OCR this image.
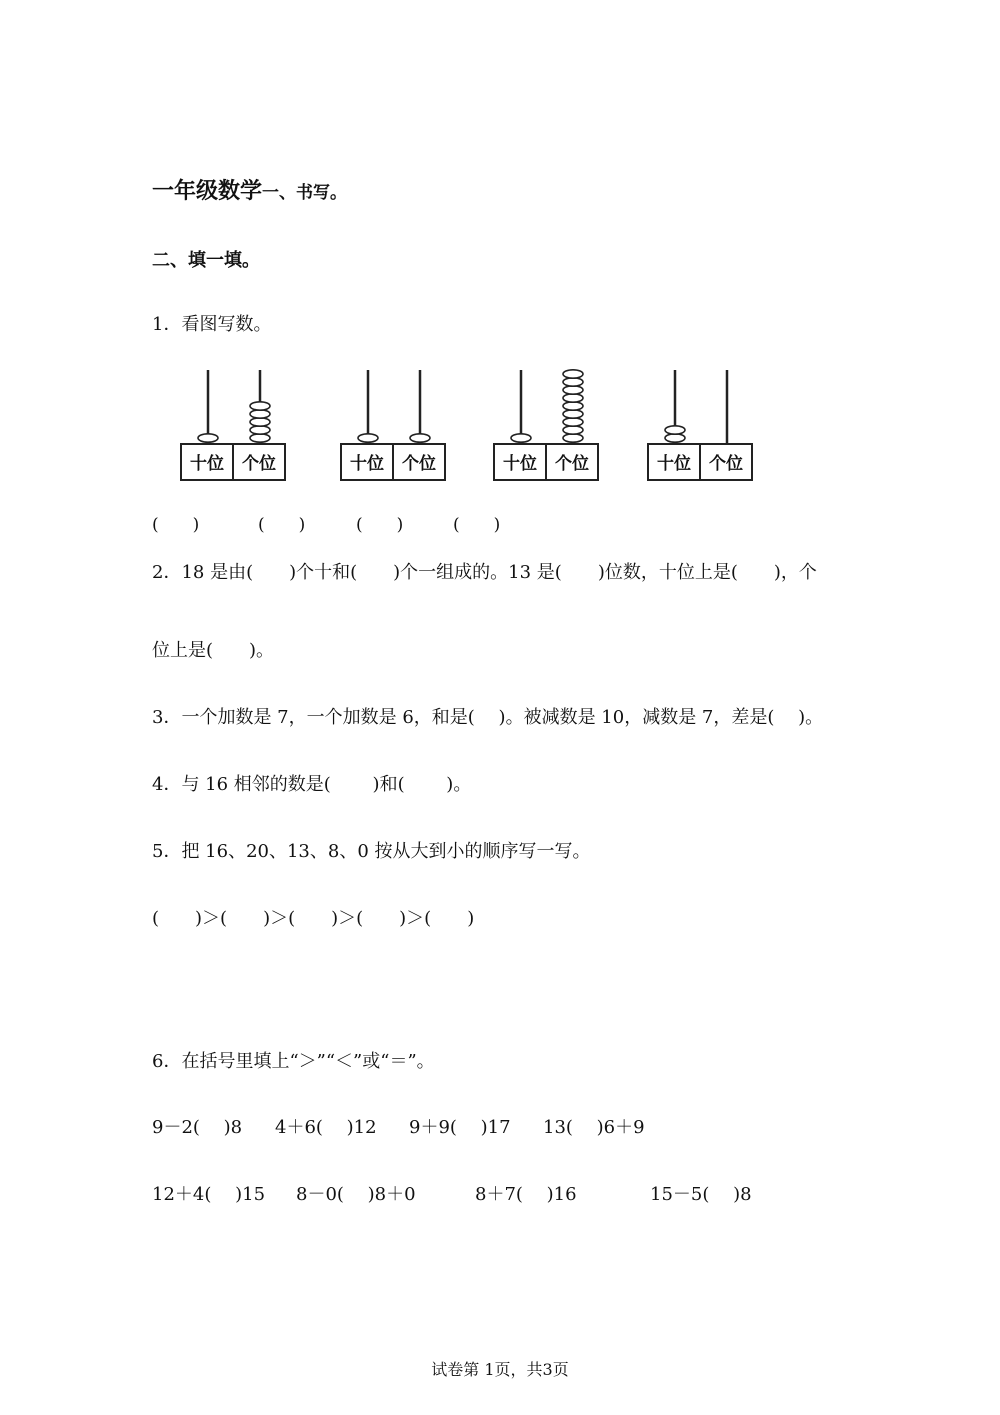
一年级数学一、书写。
二、填一填。
1．看图写数。
十位 个位	十位 个位	十位 个位	十位 个位
(　　)	(　　)	(　　)	(　　)
2．18 是由(　　)个十和(　　)个一组成的。13 是(　　)位数，十位上是(　　)，个
位上是(　　)。
3．一个加数是 7，一个加数是 6，和是(　 )。被减数是 10，减数是 7，差是(　 )。
4．与 16 相邻的数是(　　 )和(　　 )。
5．把 16、20、13、8、0 按从大到小的顺序写一写。
(　　)＞(　　)＞(　　)＞(　　)＞(　　)
6．在括号里填上“＞”“＜”或“＝”。
9－2(　 )8 4＋6(　 )12 9＋9(　 )17 13(　 )6＋9
12＋4(　 )15 8－0(　 )8＋0	8＋7(　 )16	15－5(　 )8
试卷第 1页，共3页
